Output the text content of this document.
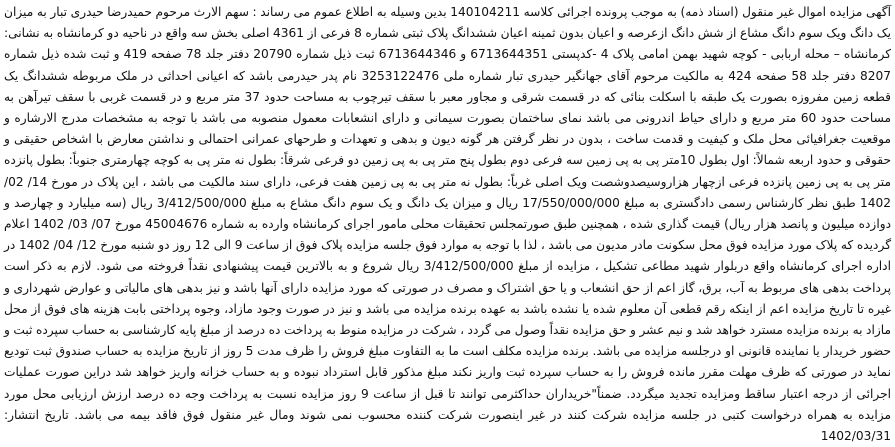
آگهی مزایده اموال غیر منقول (اسناد ذمه) به موجب پرونده اجرائی کلاسه 140104211 بدین وسیله به اطلاع عموم می رساند : سهم الارث مرحوم حمیدرضا حیدری تبار به میزان یک دانگ ویک سوم دانگ مشاع از شش دانگ ازعرصه و اعیان بدون ثمینه اعیان ششدانگ پلاک ثبتی شماره 8 فرعی از 4361 اصلی بخش سه واقع در ناحیه دو کرمانشاه به نشانی: کرمانشاه – محله اربابی - کوچه شهید بهمن امامی پلاک 4 -کدپستی 6713644351 و 6713644346 ثبت ذیل شماره 20790 دفتر جلد 78 صفحه 419 و ثبت شده ذیل شماره 8207 دفتر جلد 58 صفحه 424 به مالکیت مرحوم آقای جهانگیر حیدری تبار شماره ملی 3253122476 نام پدر حیدرمی باشد که اعیانی احداثی در ملک مربوطه ششدانگ یک قطعه زمین مفروزه بصورت یک طبقه با اسکلت بنائی که در قسمت شرقی و مجاور معبر با سقف تیرچوب به مساحت حدود 37 متر مربع و در قسمت غربی با سقف تیرآهن به مساحت حدود 60 متر مربع و دارای حیاط اندرونی می باشد نمای ساختمان بصورت سیمانی و دارای انشعابات معمول منصوبه می باشد با توجه به مشخصات مدرج الارشاره و موقعیت جغرافیائی محل ملک و کیفیت و قدمت ساخت ، بدون در نظر گرفتن هر گونه دیون و بدهی و تعهدات و طرحهای عمرانی احتمالی و نداشتن معارض با اشخاص حقیقی و حقوقی و حدود اربعه شمالاً: اول بطول 10متر پی به پی زمین سه فرعی دوم بطول پنج متر پی به پی زمین دو فرعی شرقاً: بطول نه متر پی به کوچه چهارمتری جنوباً: بطول پانزده متر پی به پی زمین پانزده فرعی ازچهار هزاروسیصدوشصت ویک اصلی غرباً: بطول نه متر پی به پی زمین هفت فرعی، دارای سند مالکیت می باشد ، این پلاک در مورخ 14/ 02/ 1402 طبق نظر کارشناس رسمی دادگستری به مبلغ 17/550/000/000 ریال و میزان یک دانگ و یک سوم دانگ مشاع به مبلغ 3/412/500/000 ریال (سه میلیارد و چهارصد و دوازده میلیون و پانصد هزار ریال) قیمت گذاری شده ، همچنین طبق صورتمجلس تحقیقات محلی مامور اجرای کرمانشاه وارده به شماره 45004676 مورخ 07/ 03/ 1402 اعلام گردیده که پلاک مورد مزایده فوق محل سکونت مادر مدیون می باشد ، لذا با توجه به موارد فوق جلسه مزایده پلاک فوق از ساعت 9 الی 12 روز دو شنبه مورخ 12/ 04/ 1402 در اداره اجرای کرمانشاه واقع دربلوار شهید مطاعی تشکیل ، مزایده از مبلغ 3/412/500/000 ریال شروع و به بالاترین قیمت پیشنهادی نقداً فروخته می شود. لازم به ذکر است پرداخت بدهی های مربوط به آب، برق، گاز اعم از حق انشعاب و یا حق اشتراک و مصرف در صورتی که مورد مزایده دارای آنها باشد و نیز بدهی های مالیاتی و عوارض شهرداری و غیره تا تاریخ مزایده اعم از اینکه رقم قطعی آن معلوم شده یا نشده باشد به عهده برنده مزایده می باشد و نیز در صورت وجود مازاد، وجوه پرداختی بابت هزینه های فوق از محل مازاد به برنده مزایده مسترد خواهد شد و نیم عشر و حق مزایده نقداً وصول می گردد ، شرکت در مزایده منوط به پرداخت ده درصد از مبلغ پایه کارشناسی به حساب سپرده ثبت و حضور خریدار یا نماینده قانونی او درجلسه مزایده می باشد. برنده مزایده مکلف است ما به التفاوت مبلغ فروش را ظرف مدت 5 روز از تاریخ مزایده به حساب صندوق ثبت تودیع نماید در صورتی که ظرف مهلت مقرر مانده فروش را به حساب سپرده ثبت واریز نکند مبلغ مذکور قابل استرداد نبوده و به حساب خزانه واریز خواهد شد دراین صورت عملیات اجرائی از درجه اعتبار ساقط ومزایده تجدید میگردد. ضمناً"خریداران حداکثرمی توانند تا قبل از ساعت 9 روز مزایده نسبت به پرداخت وجه ده درصد ارزش ارزیابی محل مورد مزایده به همراه درخواست کتبی در جلسه مزایده شرکت کنند در غیر اینصورت شرکت کننده محسوب نمی شوند ومال غیر منقول فوق فاقد بیمه می باشد. تاریخ انتشار: 1402/03/31
